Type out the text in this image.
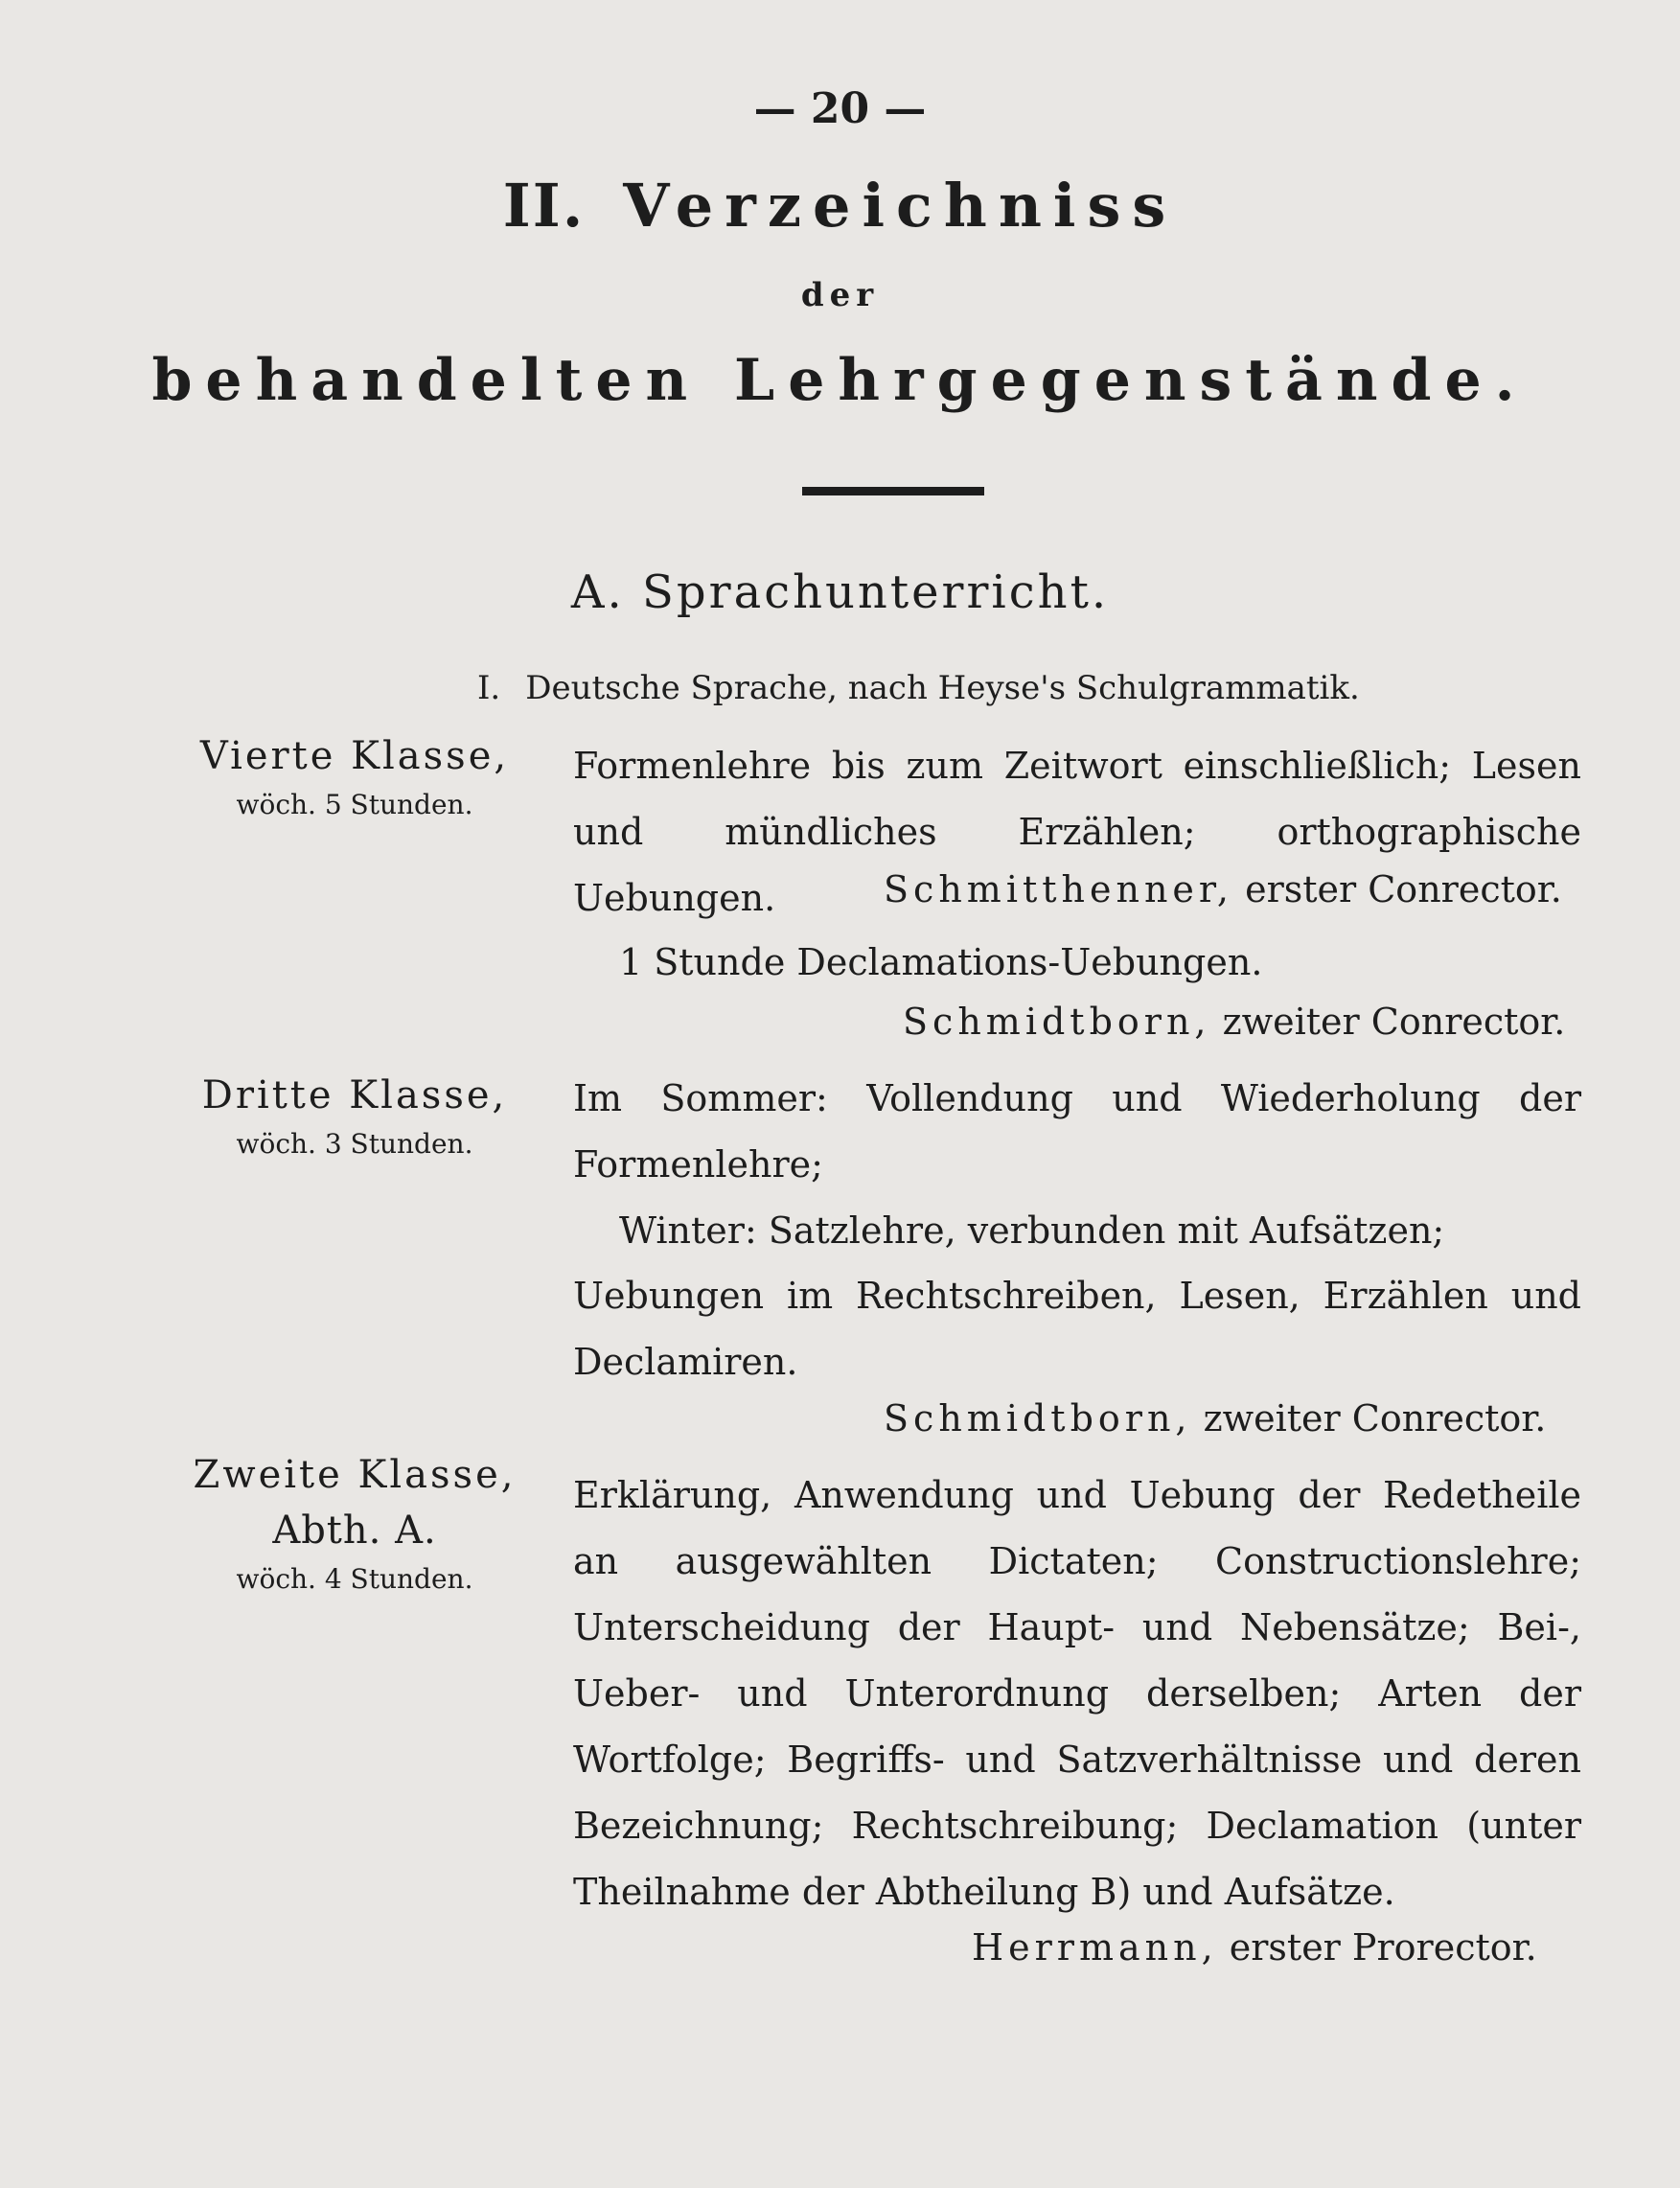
— 20 —
II. Verzeichniss
der
behandelten Lehrgegenstände.
A. Sprachunterricht.
I. Deutsche Sprache, nach Heyse's Schulgrammatik.
Vierte Klasse,
wöch. 5 Stunden.
Formenlehre bis zum Zeitwort einschließlich; Lesen und mündliches Erzählen; orthographische Uebungen.	Schmitthenner, erster Conrector.
1 Stunde Declamations-Uebungen.
Schmidtborn, zweiter Conrector.
Dritte Klasse,
wöch. 3 Stunden.
Im Sommer: Vollendung und Wiederholung der Formenlehre;
Winter: Satzlehre, verbunden mit Aufsätzen;
Uebungen im Rechtschreiben, Lesen, Erzählen und Declamiren.
Schmidtborn, zweiter Conrector.
Zweite Klasse,
Abth. A.
wöch. 4 Stunden.
Erklärung, Anwendung und Uebung der Redetheile an ausgewählten Dictaten; Constructionslehre; Unterscheidung der Haupt- und Nebensätze; Bei-, Ueber- und Unterordnung derselben; Arten der Wortfolge; Begriffs- und Satzverhältnisse und deren Bezeichnung; Rechtschreibung; Declamation (unter Theilnahme der Abtheilung B) und Aufsätze.
Herrmann, erster Prorector.
